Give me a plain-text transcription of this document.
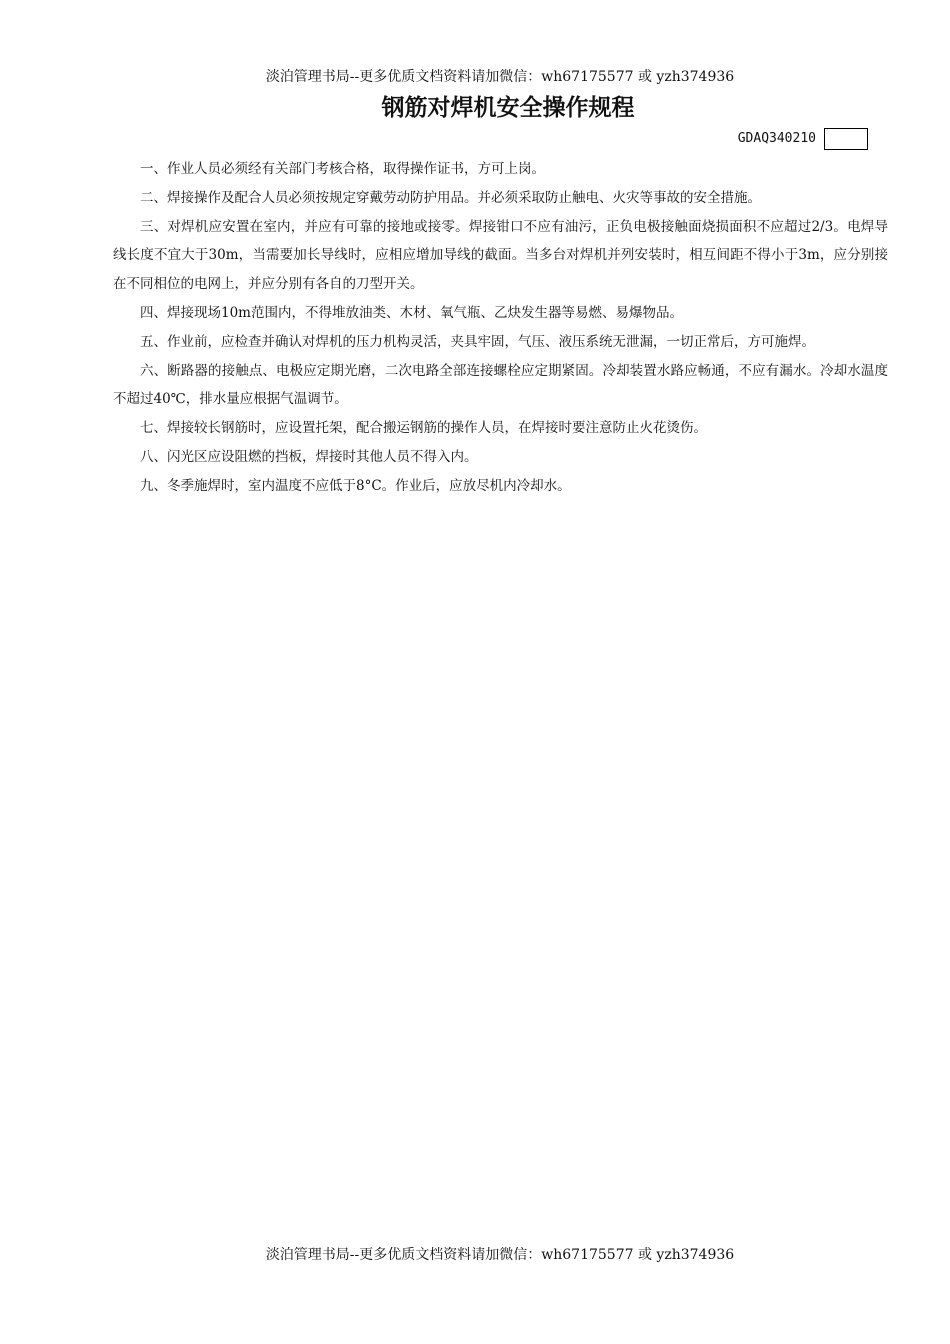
淡泊管理书局--更多优质文档资料请加微信：wh67175577 或 yzh374936
钢筋对焊机安全操作规程
GDAQ340210

一、作业人员必须经有关部门考核合格，取得操作证书，方可上岗。

二、焊接操作及配合人员必须按规定穿戴劳动防护用品。并必须采取防止触电、火灾等事故的安全措施。

三、对焊机应安置在室内，并应有可靠的接地或接零。焊接钳口不应有油污，正负电极接触面烧损面积不应超过2/3。电焊导线长度不宜大于30m，当需要加长导线时，应相应增加导线的截面。当多台对焊机并列安装时，相互间距不得小于3m，应分别接在不同相位的电网上，并应分别有各自的刀型开关。

四、焊接现场10m范围内，不得堆放油类、木材、氧气瓶、乙炔发生器等易燃、易爆物品。

五、作业前，应检查并确认对焊机的压力机构灵活，夹具牢固，气压、液压系统无泄漏，一切正常后，方可施焊。

六、断路器的接触点、电极应定期光磨，二次电路全部连接螺栓应定期紧固。冷却装置水路应畅通，不应有漏水。冷却水温度不超过40℃，排水量应根据气温调节。

七、焊接较长钢筋时，应设置托架，配合搬运钢筋的操作人员，在焊接时要注意防止火花烫伤。

八、闪光区应设阻燃的挡板，焊接时其他人员不得入内。

九、冬季施焊时，室内温度不应低于8°C。作业后，应放尽机内冷却水。

淡泊管理书局--更多优质文档资料请加微信：wh67175577 或 yzh374936
